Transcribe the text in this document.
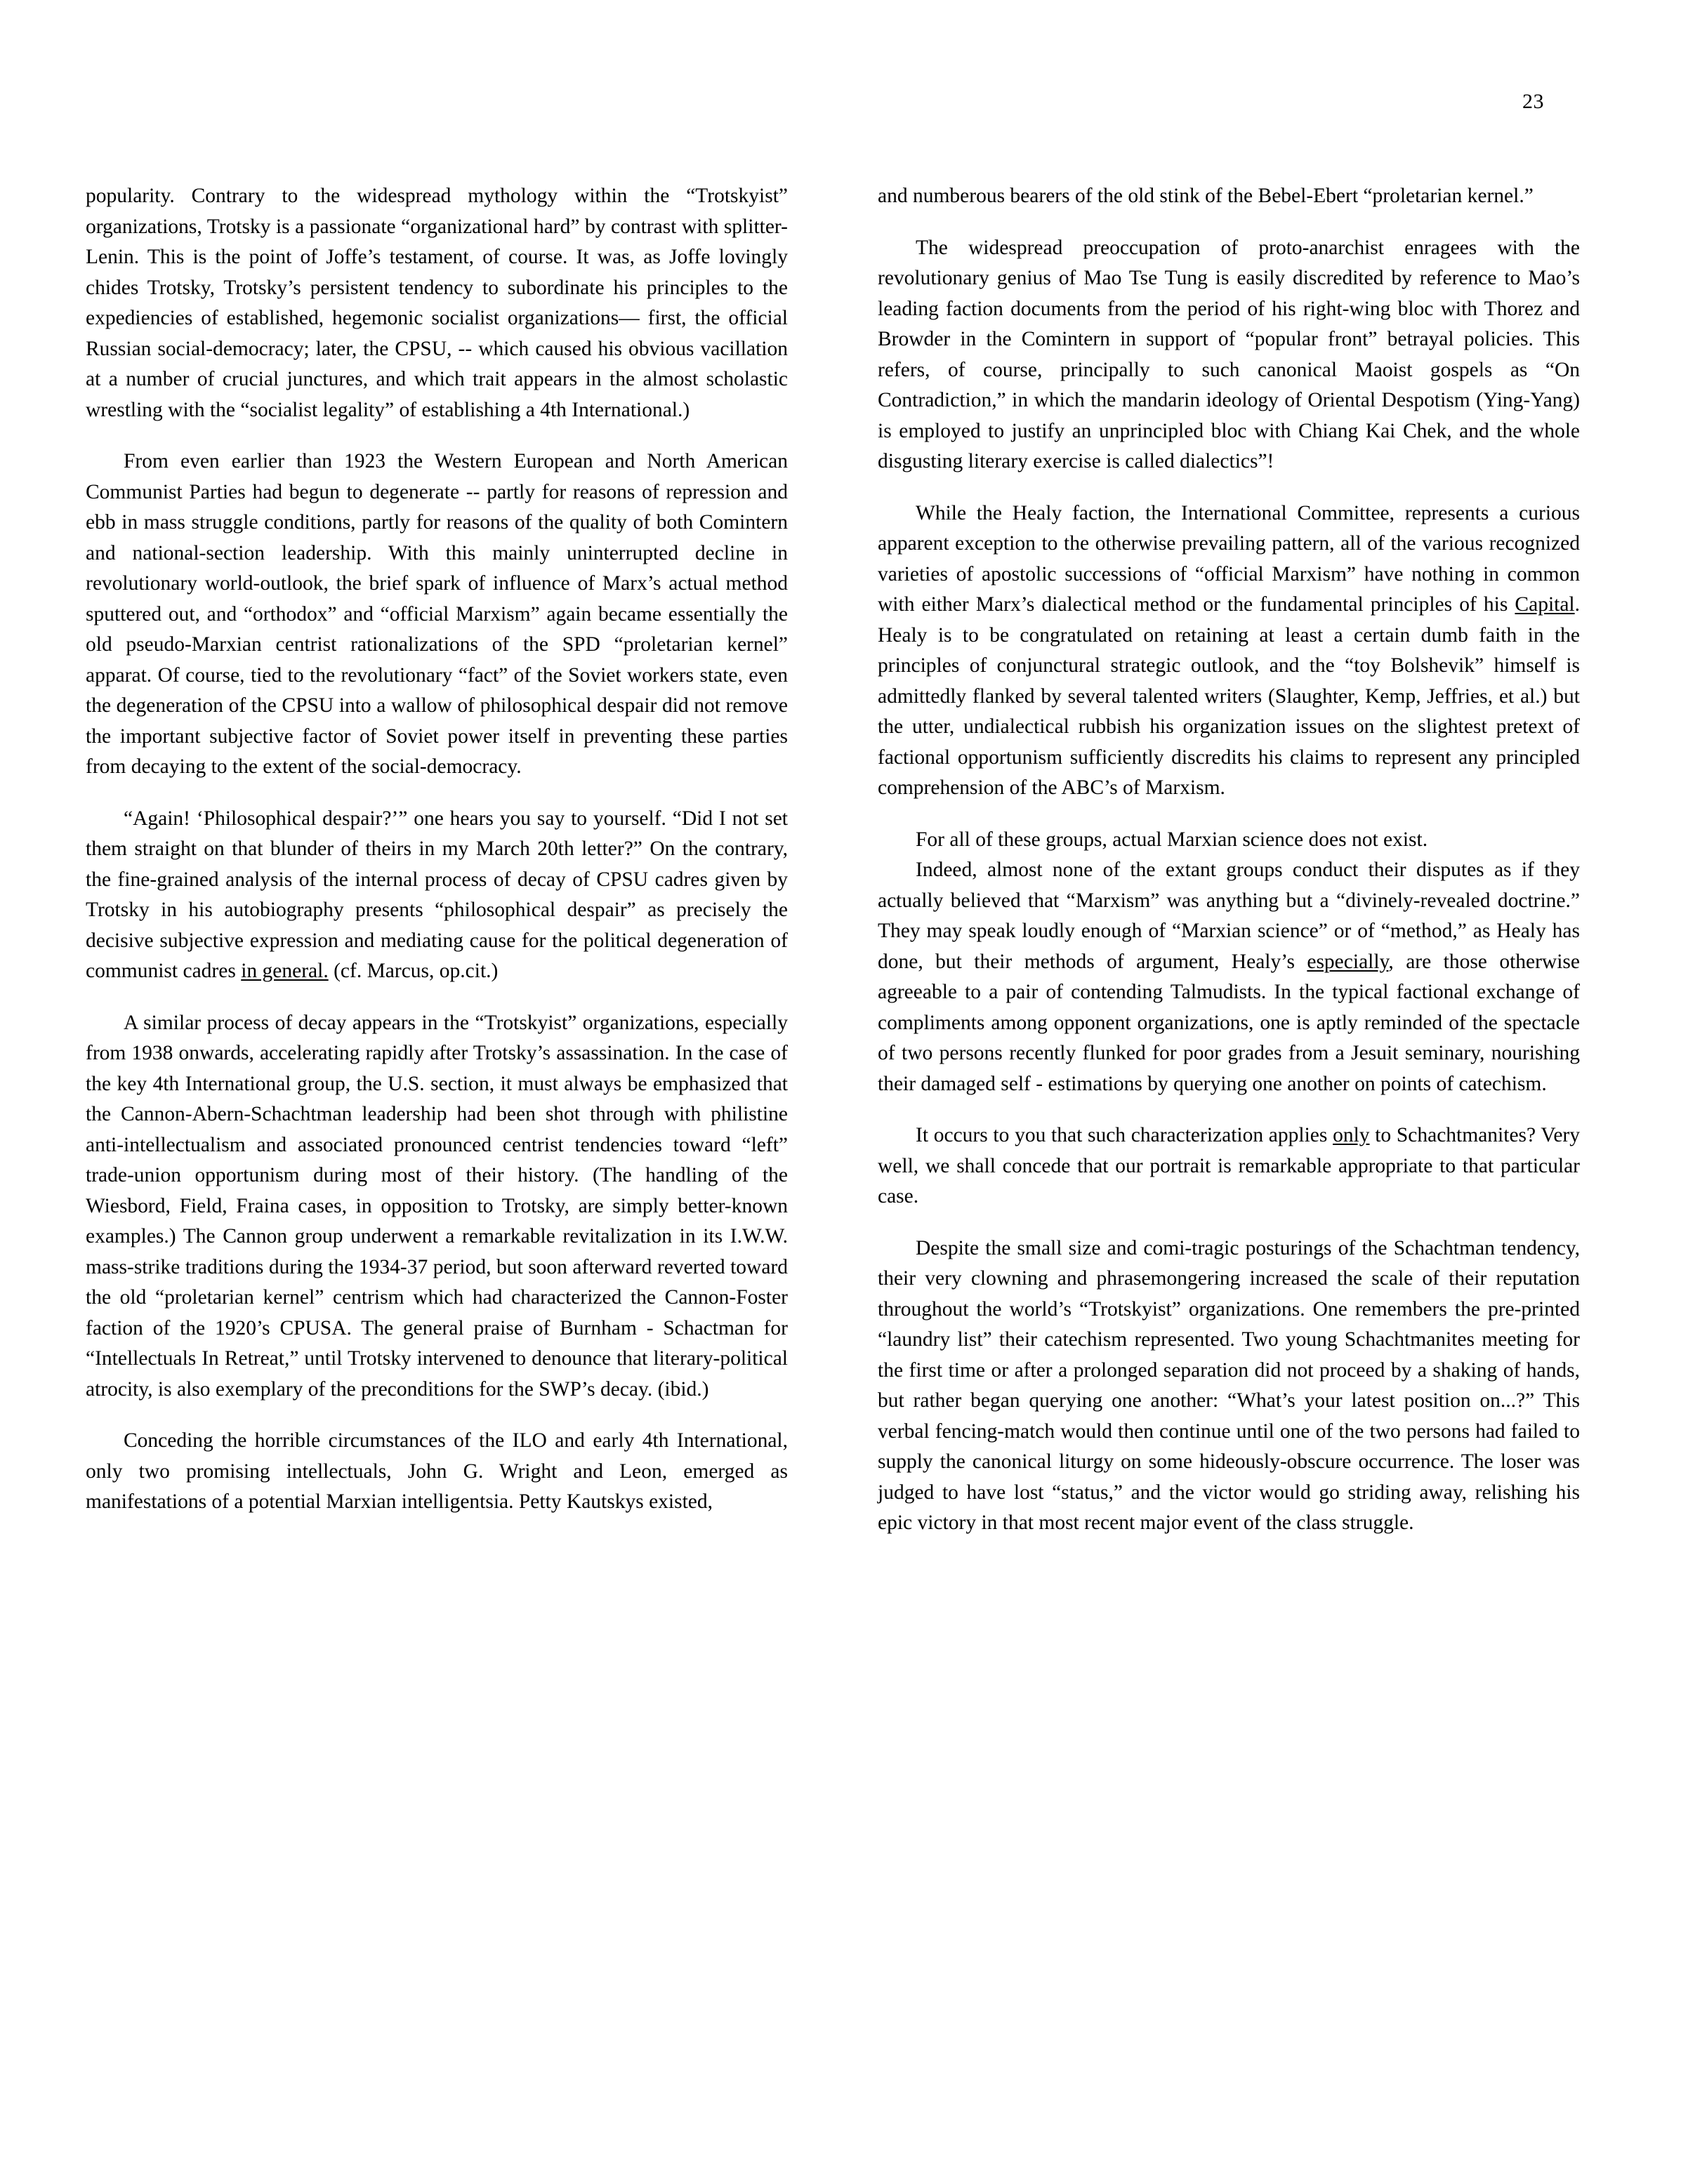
23

popularity. Contrary to the widespread mythology within the “Trotskyist” organizations, Trotsky is a passionate “organizational hard” by contrast with splitter-Lenin. This is the point of Joffe’s testament, of course. It was, as Joffe lovingly chides Trotsky, Trotsky’s persistent tendency to subordinate his principles to the expediencies of established, hegemonic socialist organizations— first, the official Russian social-democracy; later, the CPSU, -- which caused his obvious vacillation at a number of crucial junctures, and which trait appears in the almost scholastic wrestling with the “socialist legality” of establishing a 4th International.)

From even earlier than 1923 the Western European and North American Communist Parties had begun to degenerate -- partly for reasons of repression and ebb in mass struggle conditions, partly for reasons of the quality of both Comintern and national-section leadership. With this mainly uninterrupted decline in revolutionary world-outlook, the brief spark of influence of Marx’s actual method sputtered out, and “orthodox” and “official Marxism” again became essentially the old pseudo-Marxian centrist rationalizations of the SPD “proletarian kernel” apparat. Of course, tied to the revolutionary “fact” of the Soviet workers state, even the degeneration of the CPSU into a wallow of philosophical despair did not remove the important subjective factor of Soviet power itself in preventing these parties from decaying to the extent of the social-democracy.

“Again! ‘Philosophical despair?’” one hears you say to yourself. “Did I not set them straight on that blunder of theirs in my March 20th letter?” On the contrary, the fine-grained analysis of the internal process of decay of CPSU cadres given by Trotsky in his autobiography presents “philosophical despair” as precisely the decisive subjective expression and mediating cause for the political degeneration of communist cadres in general. (cf. Marcus, op.cit.)

A similar process of decay appears in the “Trotskyist” organizations, especially from 1938 onwards, accelerating rapidly after Trotsky’s assassination. In the case of the key 4th International group, the U.S. section, it must always be emphasized that the Cannon-Abern-Schachtman leadership had been shot through with philistine anti-intellectualism and associated pronounced centrist tendencies toward “left” trade-union opportunism during most of their history. (The handling of the Wiesbord, Field, Fraina cases, in opposition to Trotsky, are simply better-known examples.) The Cannon group underwent a remarkable revitalization in its I.W.W. mass-strike traditions during the 1934-37 period, but soon afterward reverted toward the old “proletarian kernel” centrism which had characterized the Cannon-Foster faction of the 1920’s CPUSA. The general praise of Burnham - Schactman for “Intellectuals In Retreat,” until Trotsky intervened to denounce that literary-political atrocity, is also exemplary of the preconditions for the SWP’s decay. (ibid.)

Conceding the horrible circumstances of the ILO and early 4th International, only two promising intellectuals, John G. Wright and Leon, emerged as manifestations of a potential Marxian intelligentsia. Petty Kautskys existed,

and numberous bearers of the old stink of the Bebel-Ebert “proletarian kernel.”

The widespread preoccupation of proto-anarchist enragees with the revolutionary genius of Mao Tse Tung is easily discredited by reference to Mao’s leading faction documents from the period of his right-wing bloc with Thorez and Browder in the Comintern in support of “popular front” betrayal policies. This refers, of course, principally to such canonical Maoist gospels as “On Contradiction,” in which the mandarin ideology of Oriental Despotism (Ying-Yang) is employed to justify an unprincipled bloc with Chiang Kai Chek, and the whole disgusting literary exercise is called dialectics”!

While the Healy faction, the International Committee, represents a curious apparent exception to the otherwise prevailing pattern, all of the various recognized varieties of apostolic successions of “official Marxism” have nothing in common with either Marx’s dialectical method or the fundamental principles of his Capital. Healy is to be congratulated on retaining at least a certain dumb faith in the principles of conjunctural strategic outlook, and the “toy Bolshevik” himself is admittedly flanked by several talented writers (Slaughter, Kemp, Jeffries, et al.) but the utter, undialectical rubbish his organization issues on the slightest pretext of factional opportunism sufficiently discredits his claims to represent any principled comprehension of the ABC’s of Marxism.

For all of these groups, actual Marxian science does not exist.

Indeed, almost none of the extant groups conduct their disputes as if they actually believed that “Marxism” was anything but a “divinely-revealed doctrine.” They may speak loudly enough of “Marxian science” or of “method,” as Healy has done, but their methods of argument, Healy’s especially, are those otherwise agreeable to a pair of contending Talmudists. In the typical factional exchange of compliments among opponent organizations, one is aptly reminded of the spectacle of two persons recently flunked for poor grades from a Jesuit seminary, nourishing their damaged self - estimations by querying one another on points of catechism.

It occurs to you that such characterization applies only to Schachtmanites? Very well, we shall concede that our portrait is remarkable appropriate to that particular case.

Despite the small size and comi-tragic posturings of the Schachtman tendency, their very clowning and phrasemongering increased the scale of their reputation throughout the world’s “Trotskyist” organizations. One remembers the pre-printed “laundry list” their catechism represented. Two young Schachtmanites meeting for the first time or after a prolonged separation did not proceed by a shaking of hands, but rather began querying one another: “What’s your latest position on...?” This verbal fencing-match would then continue until one of the two persons had failed to supply the canonical liturgy on some hideously-obscure occurrence. The loser was judged to have lost “status,” and the victor would go striding away, relishing his epic victory in that most recent major event of the class struggle.
